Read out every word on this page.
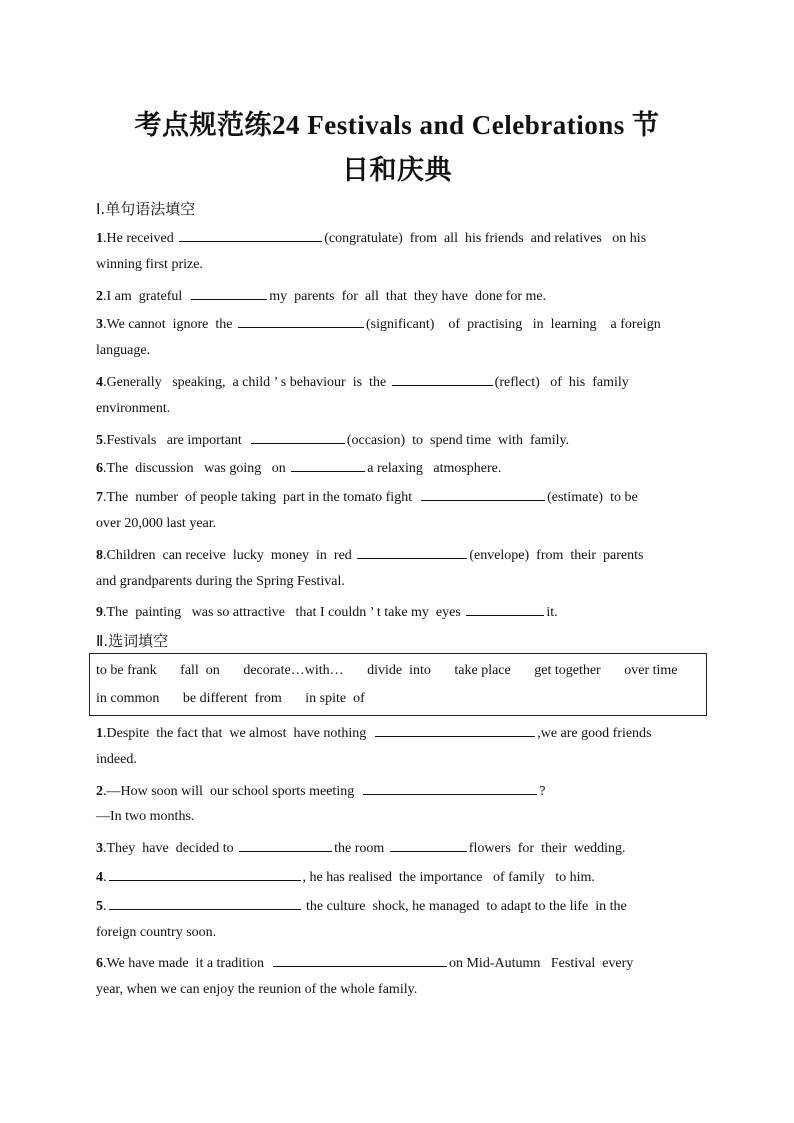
考点规范练24 Festivals and Celebrations 节
日和庆典
Ⅰ.单句语法填空
1.He received	(congratulate)  from  all  his friends  and relatives   on his
winning first prize.
2.I am  grateful	my  parents  for  all  that  they have  done for me.
3.We cannot  ignore  the	(significant)    of  practising   in  learning    a foreign
language.
4.Generally   speaking,  a child ’ s behaviour  is  the	(reflect)   of  his  family
environment.
5.Festivals   are important	(occasion)  to  spend time  with  family.
6.The  discussion   was going   on	a relaxing   atmosphere.
7.The  number  of people taking  part in the tomato fight	(estimate)  to be
over 20,000 last year.
8.Children  can receive  lucky  money  in  red	(envelope)  from  their  parents
and grandparents during the Spring Festival.
9.The  painting   was so attractive   that I couldn ’ t take my  eyes	it.
Ⅱ.选词填空
to be frank fall  on decorate…with… divide  into take place get together over time
in common be different  from in spite  of
1.Despite  the fact that  we almost  have nothing	,we are good friends
indeed.
2.—How soon will  our school sports meeting	?
—In two months.
3.They  have  decided to	the room	flowers  for  their  wedding.
4.	, he has realised  the importance   of family   to him.
5.	the culture  shock, he managed  to adapt to the life  in the
foreign country soon.
6.We have made  it a tradition	on Mid-Autumn   Festival  every
year, when we can enjoy the reunion of the whole family.
